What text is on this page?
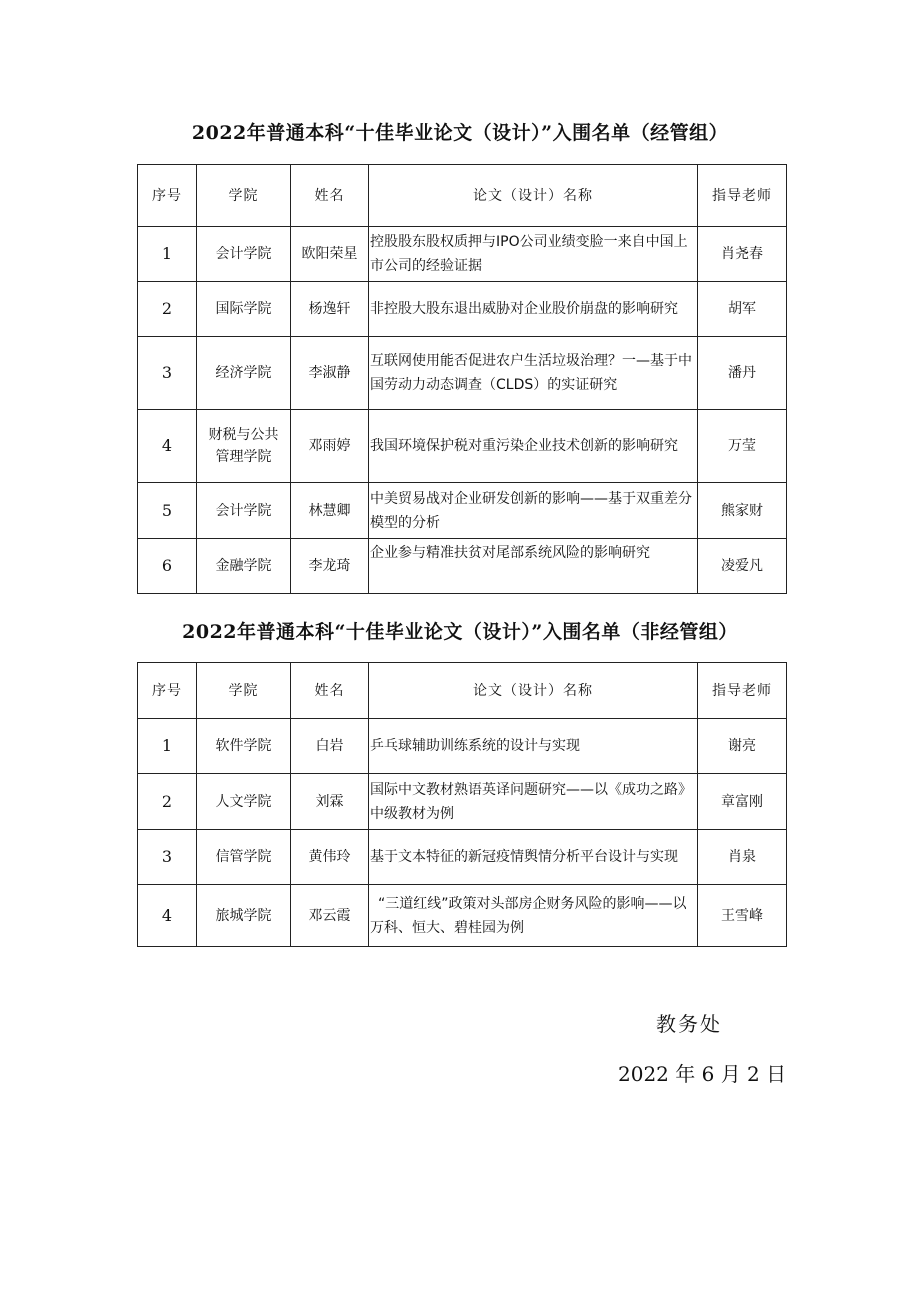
2022年普通本科“十佳毕业论文（设计）”入围名单（经管组）
序号	学院	姓名	论文（设计）名称	指导老师
1	会计学院	欧阳荣星	控股股东股权质押与IPO公司业绩变脸一来自中国上市公司的经验证据	肖尧春
2	国际学院	杨逸轩	非控股大股东退出威胁对企业股价崩盘的影响研究	胡军
3	经济学院	李淑静	互联网使用能否促进农户生活垃圾治理？一—基于中国劳动力动态调查（CLDS）的实证研究	潘丹
4	财税与公共管理学院	邓雨婷	我国环境保护税对重污染企业技术创新的影响研究	万莹
5	会计学院	林慧卿	中美贸易战对企业研发创新的影响——基于双重差分模型的分析	熊家财
6	金融学院	李龙琦	企业参与精准扶贫对尾部系统风险的影响研究	凌爱凡
2022年普通本科“十佳毕业论文（设计）”入围名单（非经管组）
序号	学院	姓名	论文（设计）名称	指导老师
1	软件学院	白岩	乒乓球辅助训练系统的设计与实现	谢亮
2	人文学院	刘霖	国际中文教材熟语英译问题研究——以《成功之路》中级教材为例	章富刚
3	信管学院	黄伟玲	基于文本特征的新冠疫情舆情分析平台设计与实现	肖泉
4	旅城学院	邓云霞	“三道红线”政策对头部房企财务风险的影响——以万科、恒大、碧桂园为例	王雪峰
教务处
2022 年 6 月 2 日
